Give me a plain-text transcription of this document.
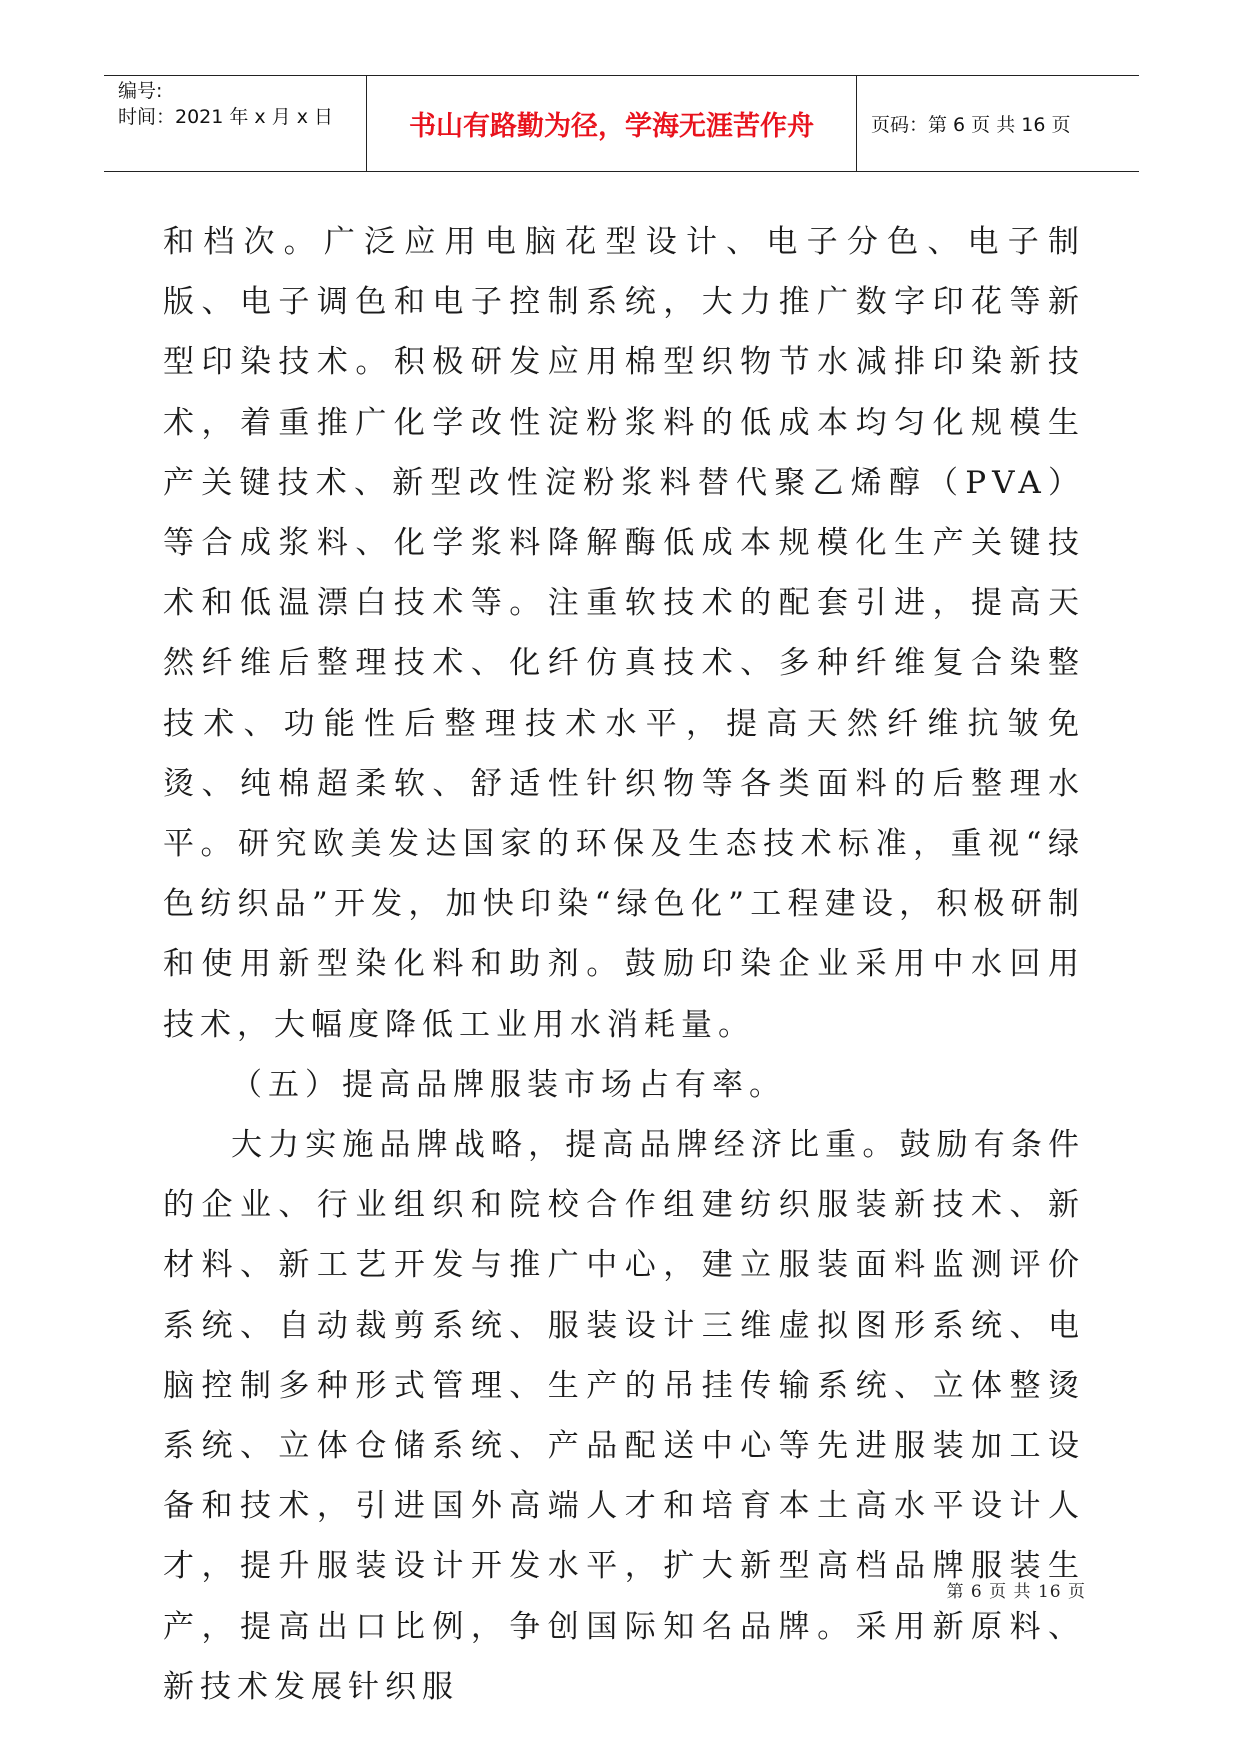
编号:
时间：2021 年 x 月 x 日	书山有路勤为径，学海无涯苦作舟	页码：第 6 页 共 16 页

和档次。广泛应用电脑花型设计、电子分色、电子制版、电子调色和电子控制系统，大力推广数字印花等新型印染技术。积极研发应用棉型织物节水减排印染新技术，着重推广化学改性淀粉浆料的低成本均匀化规模生产关键技术、新型改性淀粉浆料替代聚乙烯醇（PVA）等合成浆料、化学浆料降解酶低成本规模化生产关键技术和低温漂白技术等。注重软技术的配套引进，提高天然纤维后整理技术、化纤仿真技术、多种纤维复合染整技术、功能性后整理技术水平，提高天然纤维抗皱免烫、纯棉超柔软、舒适性针织物等各类面料的后整理水平。研究欧美发达国家的环保及生态技术标准，重视“绿色纺织品”开发，加快印染“绿色化”工程建设，积极研制和使用新型染化料和助剂。鼓励印染企业采用中水回用技术，大幅度降低工业用水消耗量。

（五）提高品牌服装市场占有率。

大力实施品牌战略，提高品牌经济比重。鼓励有条件的企业、行业组织和院校合作组建纺织服装新技术、新材料、新工艺开发与推广中心，建立服装面料监测评价系统、自动裁剪系统、服装设计三维虚拟图形系统、电脑控制多种形式管理、生产的吊挂传输系统、立体整烫系统、立体仓储系统、产品配送中心等先进服装加工设备和技术，引进国外高端人才和培育本土高水平设计人才，提升服装设计开发水平，扩大新型高档品牌服装生产，提高出口比例，争创国际知名品牌。采用新原料、新技术发展针织服

第 6 页 共 16 页
